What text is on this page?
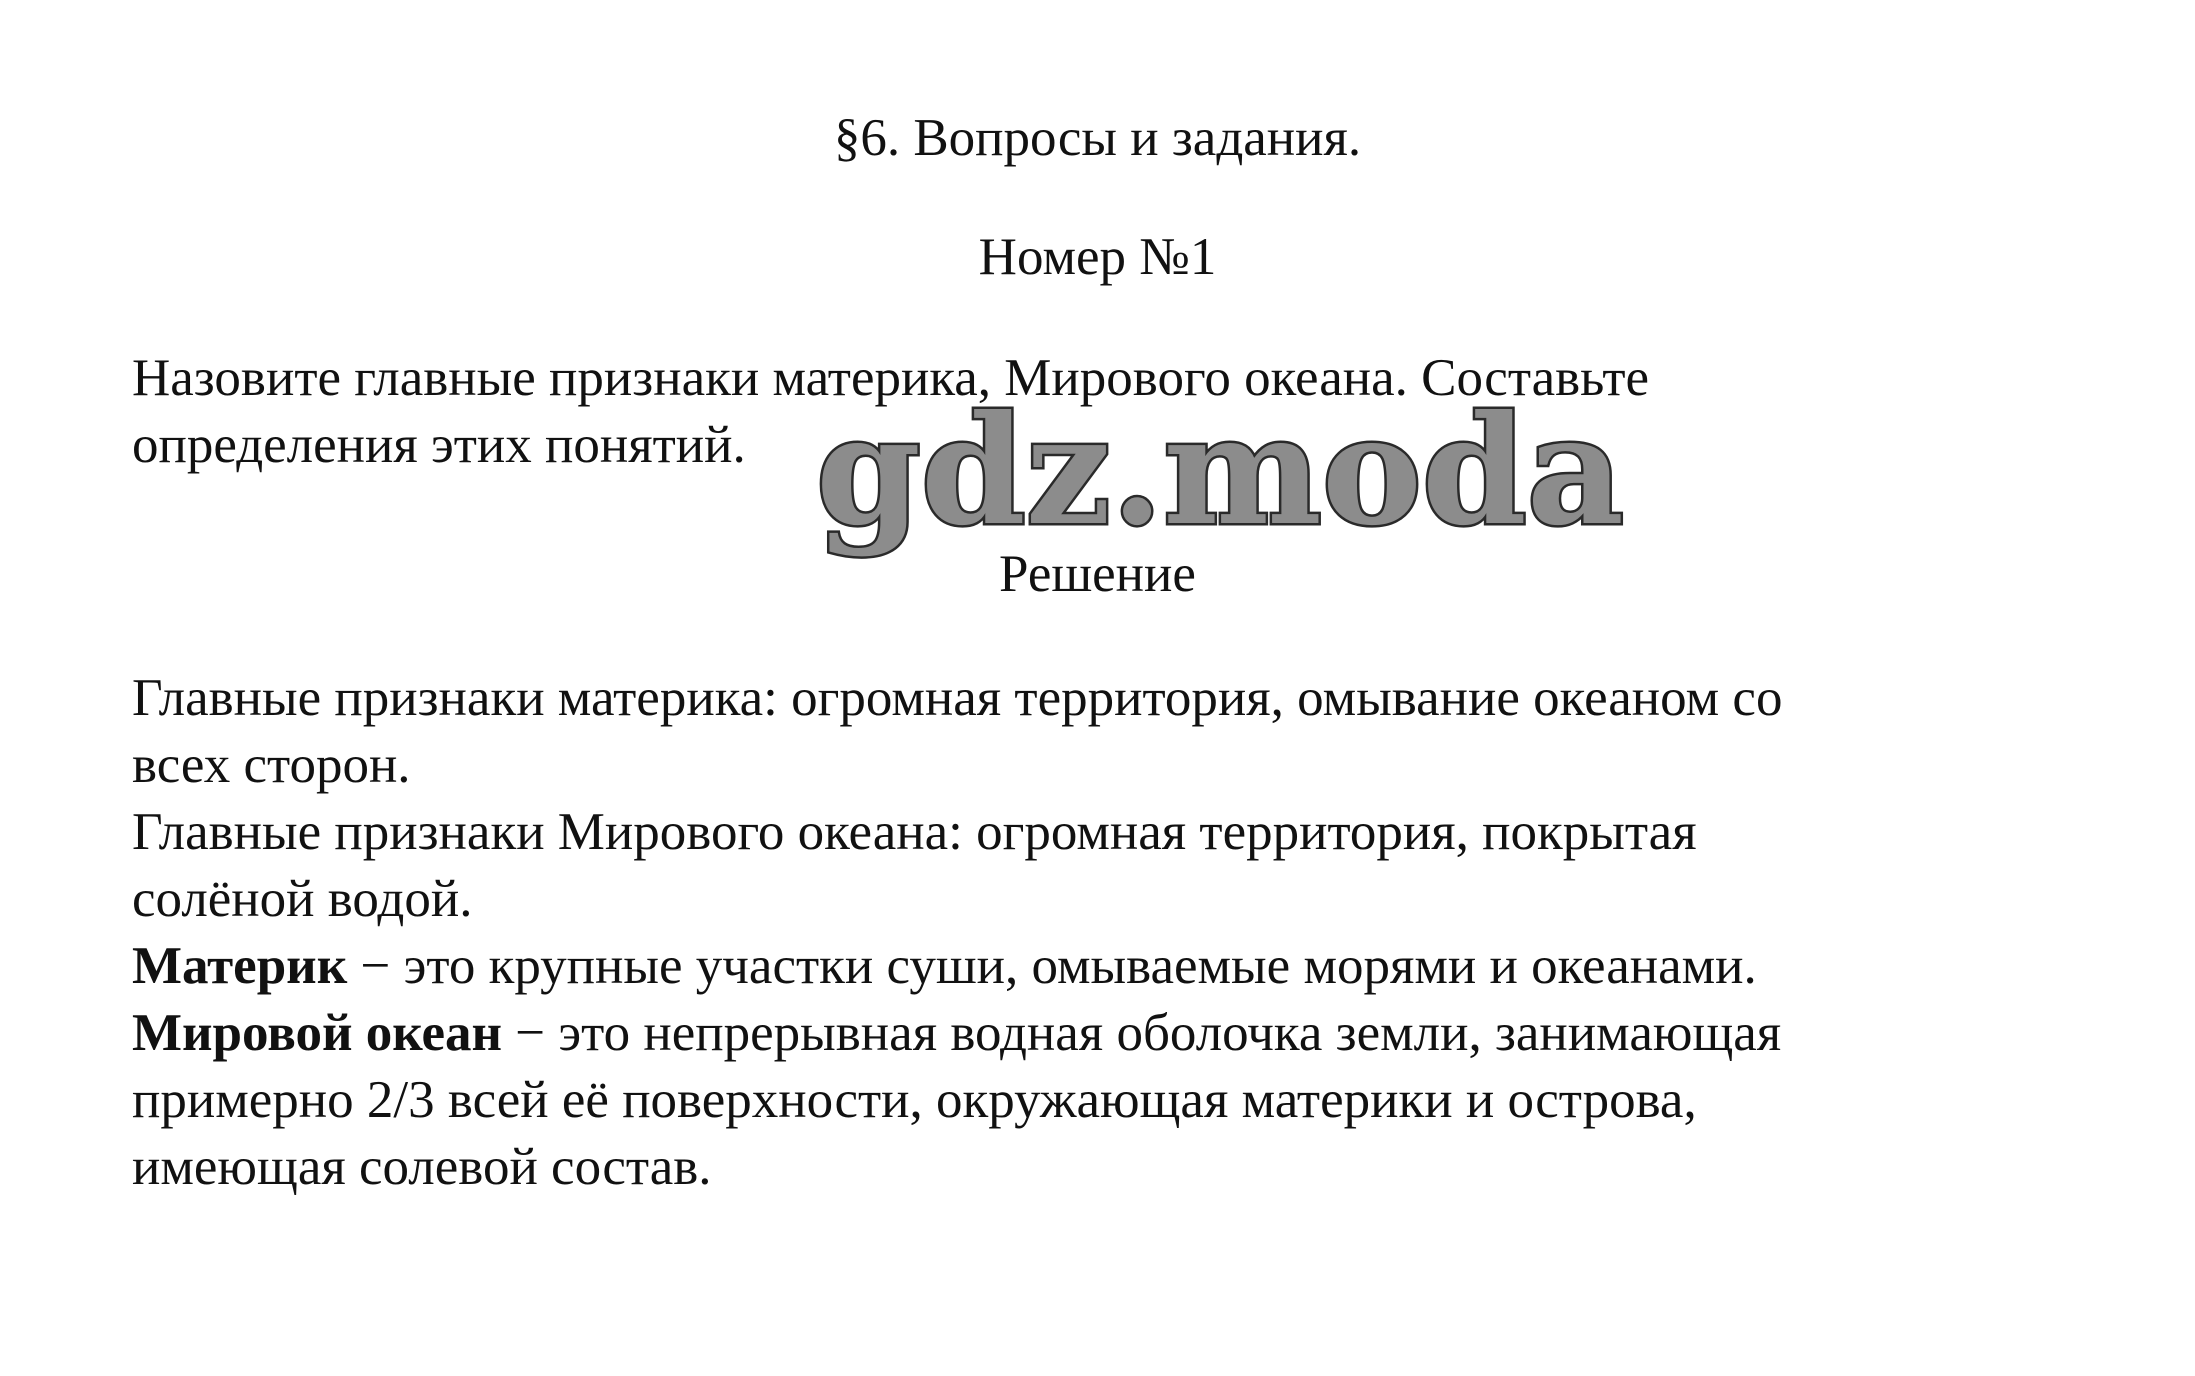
§6. Вопросы и задания.
Номер №1

Назовите главные признаки материка, Мирового океана. Составьте

определения этих понятий. gdz.moda
Решение

Главные признаки материка: огромная территория, омывание океаном со

всех сторон.

Главные признаки Мирового океана: огромная территория, покрытая

солёной водой.

Материк − это крупные участки суши, омываемые морями и океанами.

Мировой океан − это непрерывная водная оболочка земли, занимающая

примерно 2/3 всей её поверхности, окружающая материки и острова,

имеющая солевой состав.
